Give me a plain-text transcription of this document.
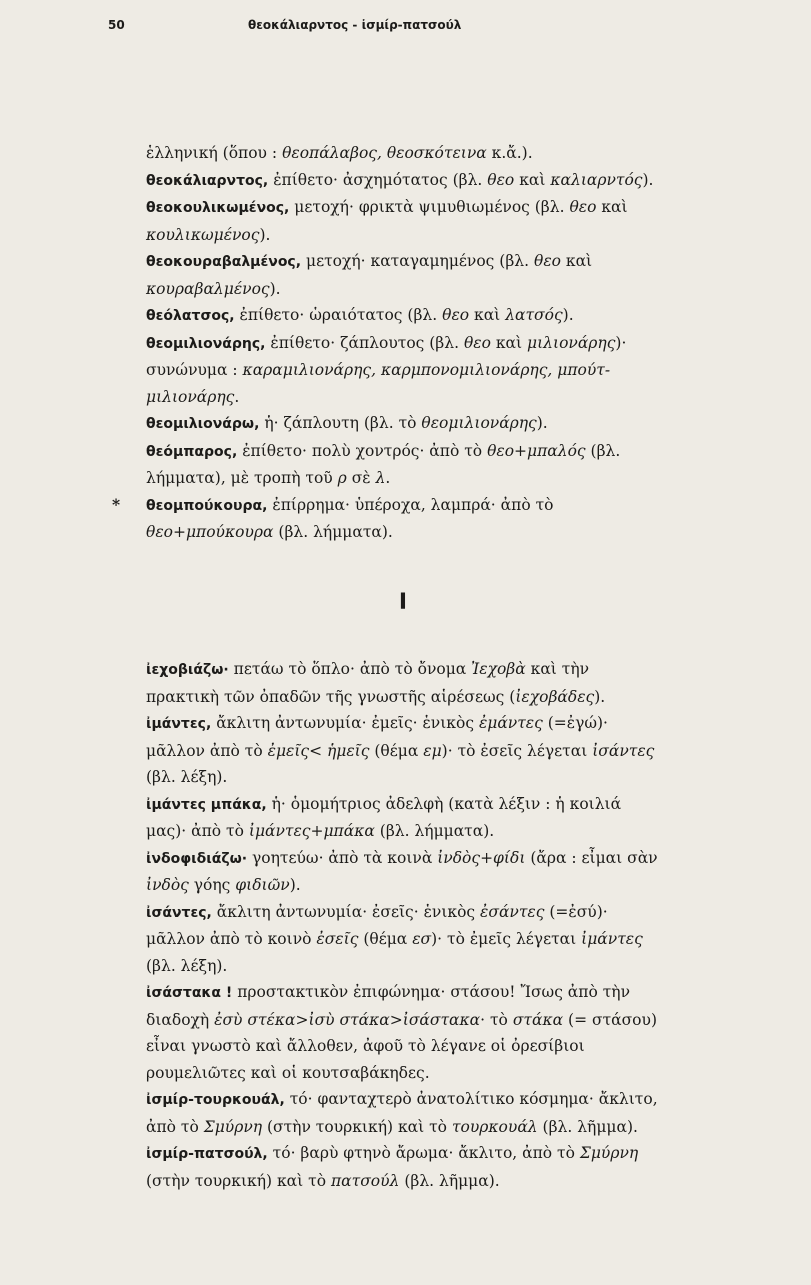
50	θεοκάλιαρντος - ἰσμίρ-πατσούλ

ἑλληνική (ὅπου : θεοπάλαβος, θεοσκότεινα κ.ἄ.).

θεοκάλιαρντος, ἐπίθετο· ἀσχημότατος (βλ. θεο καὶ καλιαρντός).

θεοκουλικωμένος, μετοχή· φρικτὰ ψιμυθιωμένος (βλ. θεο καὶ κουλικωμένος).

θεοκουραβαλμένος, μετοχή· καταγαμημένος (βλ. θεο καὶ κουραβαλμένος).

θεόλατσος, ἐπίθετο· ὡραιότατος (βλ. θεο καὶ λατσός).

θεομιλιονάρης, ἐπίθετο· ζάπλουτος (βλ. θεο καὶ μιλιονάρης)· συνώνυμα : καραμιλιονάρης, καρμπονομιλιονάρης, μπούτ-μιλιονάρης.

θεομιλιονάρω, ἡ· ζάπλουτη (βλ. τὸ θεομιλιονάρης).

θεόμπαρος, ἐπίθετο· πολὺ χοντρός· ἀπὸ τὸ θεο+μπαλός (βλ. λήμματα), μὲ τροπὴ τοῦ ρ σὲ λ.

* θεομπούκουρα, ἐπίρρημα· ὑπέροχα, λαμπρά· ἀπὸ τὸ θεο+μπούκουρα (βλ. λήμματα).

Ι

ἰεχοβιάζω· πετάω τὸ ὅπλο· ἀπὸ τὸ ὄνομα Ἰεχοβὰ καὶ τὴν πρακτικὴ τῶν ὀπαδῶν τῆς γνωστῆς αἱρέσεως (ἰεχοβάδες).

ἰμάντες, ἄκλιτη ἀντωνυμία· ἐμεῖς· ἑνικὸς ἐμάντες (=ἐγώ)· μᾶλλον ἀπὸ τὸ ἐμεῖς< ἡμεῖς (θέμα εμ)· τὸ ἐσεῖς λέγεται ἰσάντες (βλ. λέξη).

ἰμάντες μπάκα, ἡ· ὁμομήτριος ἀδελφὴ (κατὰ λέξιν : ἡ κοιλιά μας)· ἀπὸ τὸ ἰμάντες+μπάκα (βλ. λήμματα).

ἰνδοφιδιάζω· γοητεύω· ἀπὸ τὰ κοινὰ ἰνδὸς+φίδι (ἄρα : εἶμαι σὰν ἰνδὸς γόης φιδιῶν).

ἰσάντες, ἄκλιτη ἀντωνυμία· ἐσεῖς· ἑνικὸς ἐσάντες (=ἐσύ)· μᾶλλον ἀπὸ τὸ κοινὸ ἐσεῖς (θέμα εσ)· τὸ ἐμεῖς λέγεται ἰμάντες (βλ. λέξη).

ἰσάστακα ! προστακτικὸν ἐπιφώνημα· στάσου! Ἴσως ἀπὸ τὴν διαδοχὴ ἐσὺ στέκα>ἰσὺ στάκα>ἰσάστακα· τὸ στάκα (= στάσου) εἶναι γνωστὸ καὶ ἄλλοθεν, ἀφοῦ τὸ λέγανε οἱ ὀρεσίβιοι ρουμελιῶτες καὶ οἱ κουτσαβάκηδες.

ἰσμίρ-τουρκουάλ, τό· φανταχτερὸ ἀνατολίτικο κόσμημα· ἄκλιτο, ἀπὸ τὸ Σμύρνη (στὴν τουρκική) καὶ τὸ τουρκουάλ (βλ. λῆμμα).

ἰσμίρ-πατσούλ, τό· βαρὺ φτηνὸ ἄρωμα· ἄκλιτο, ἀπὸ τὸ Σμύρνη (στὴν τουρκική) καὶ τὸ πατσούλ (βλ. λῆμμα).
